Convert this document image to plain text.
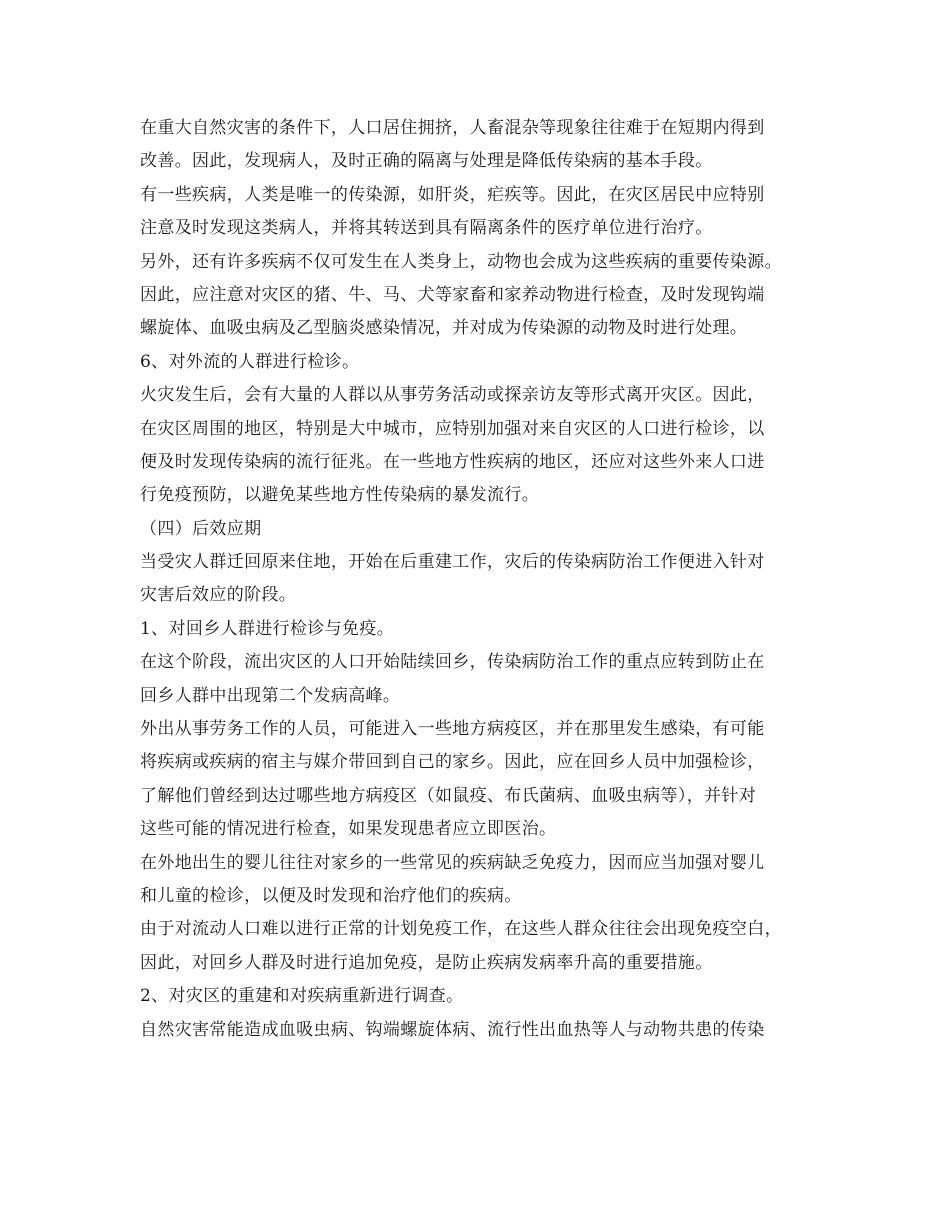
在重大自然灾害的条件下，人口居住拥挤，人畜混杂等现象往往难于在短期内得到
改善。因此，发现病人，及时正确的隔离与处理是降低传染病的基本手段。
有一些疾病，人类是唯一的传染源，如肝炎，疟疾等。因此，在灾区居民中应特别
注意及时发现这类病人，并将其转送到具有隔离条件的医疗单位进行治疗。
另外，还有许多疾病不仅可发生在人类身上，动物也会成为这些疾病的重要传染源。
因此，应注意对灾区的猪、牛、马、犬等家畜和家养动物进行检查，及时发现钩端
螺旋体、血吸虫病及乙型脑炎感染情况，并对成为传染源的动物及时进行处理。
6、对外流的人群进行检诊。
火灾发生后，会有大量的人群以从事劳务活动或探亲访友等形式离开灾区。因此，
在灾区周围的地区，特别是大中城市，应特别加强对来自灾区的人口进行检诊，以
便及时发现传染病的流行征兆。在一些地方性疾病的地区，还应对这些外来人口进
行免疫预防，以避免某些地方性传染病的暴发流行。
（四）后效应期
当受灾人群迁回原来住地，开始在后重建工作，灾后的传染病防治工作便进入针对
灾害后效应的阶段。
1、对回乡人群进行检诊与免疫。
在这个阶段，流出灾区的人口开始陆续回乡，传染病防治工作的重点应转到防止在
回乡人群中出现第二个发病高峰。
外出从事劳务工作的人员，可能进入一些地方病疫区，并在那里发生感染，有可能
将疾病或疾病的宿主与媒介带回到自己的家乡。因此，应在回乡人员中加强检诊，
了解他们曾经到达过哪些地方病疫区（如鼠疫、布氏菌病、血吸虫病等），并针对
这些可能的情况进行检查，如果发现患者应立即医治。
在外地出生的婴儿往往对家乡的一些常见的疾病缺乏免疫力，因而应当加强对婴儿
和儿童的检诊，以便及时发现和治疗他们的疾病。
由于对流动人口难以进行正常的计划免疫工作，在这些人群众往往会出现免疫空白，
因此，对回乡人群及时进行追加免疫，是防止疾病发病率升高的重要措施。
2、对灾区的重建和对疾病重新进行调查。
自然灾害常能造成血吸虫病、钩端螺旋体病、流行性出血热等人与动物共患的传染
